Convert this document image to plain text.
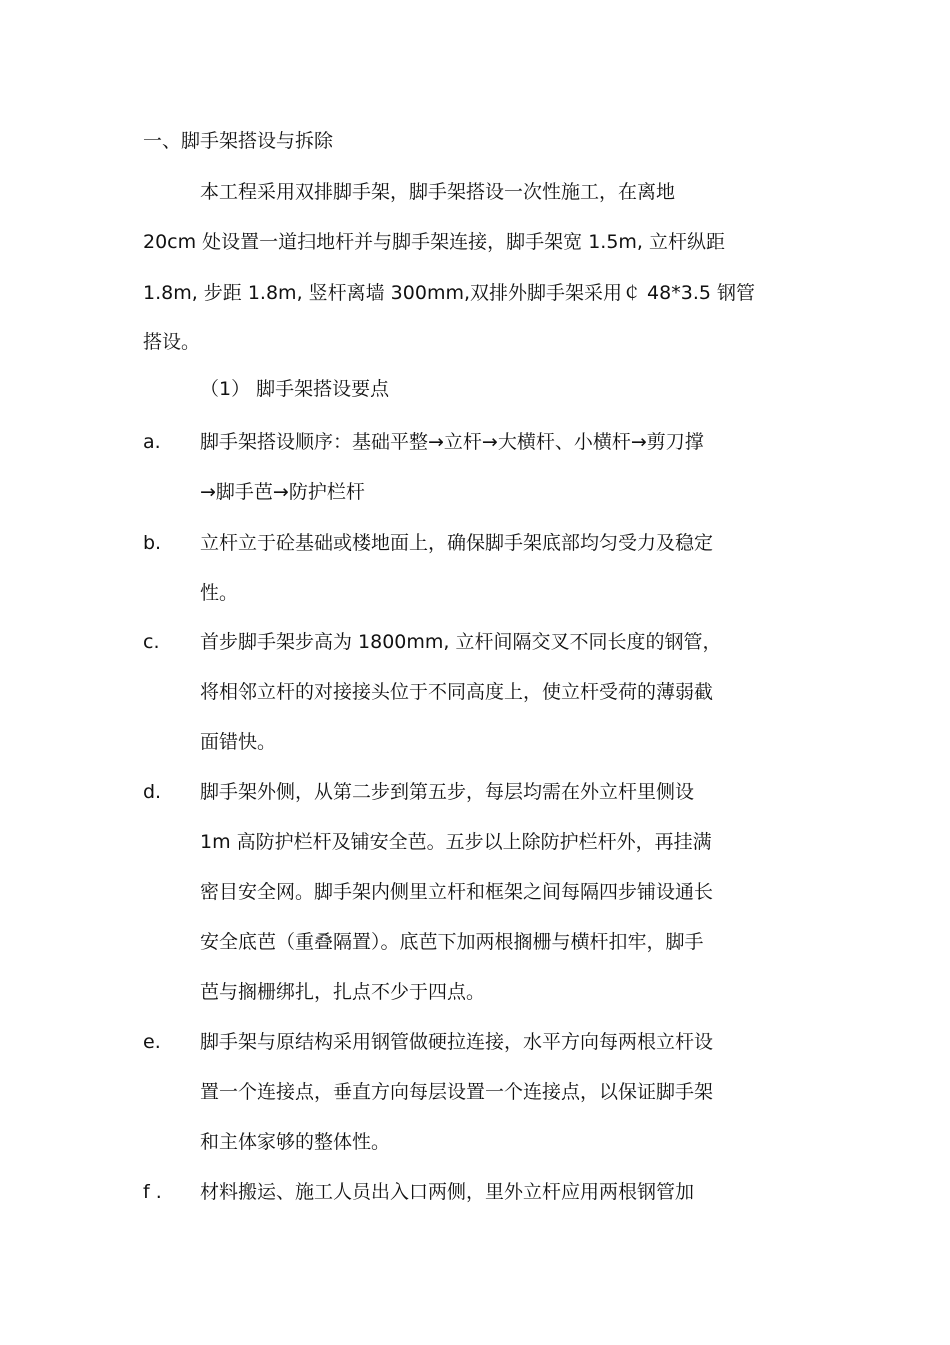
一、脚手架搭设与拆除
本工程采用双排脚手架，脚手架搭设一次性施工，在离地
20cm 处设置一道扫地杆并与脚手架连接，脚手架宽 1.5m, 立杆纵距
1.8m, 步距 1.8m, 竖杆离墙 300mm,双排外脚手架采用￠ 48*3.5 钢管
搭设。
（1） 脚手架搭设要点
a. 脚手架搭设顺序：基础平整→立杆→大横杆、小横杆→剪刀撑
→脚手芭→防护栏杆
b. 立杆立于砼基础或楼地面上，确保脚手架底部均匀受力及稳定
性。
c. 首步脚手架步高为 1800mm, 立杆间隔交叉不同长度的钢管，
将相邻立杆的对接接头位于不同高度上，使立杆受荷的薄弱截
面错快。
d. 脚手架外侧，从第二步到第五步，每层均需在外立杆里侧设
1m 高防护栏杆及铺安全芭。五步以上除防护栏杆外，再挂满
密目安全网。脚手架内侧里立杆和框架之间每隔四步铺设通长
安全底芭（重叠隔置）。底芭下加两根搁栅与横杆扣牢，脚手
芭与搁栅绑扎，扎点不少于四点。
e. 脚手架与原结构采用钢管做硬拉连接，水平方向每两根立杆设
置一个连接点，垂直方向每层设置一个连接点，以保证脚手架
和主体家够的整体性。
f . 材料搬运、施工人员出入口两侧，里外立杆应用两根钢管加
